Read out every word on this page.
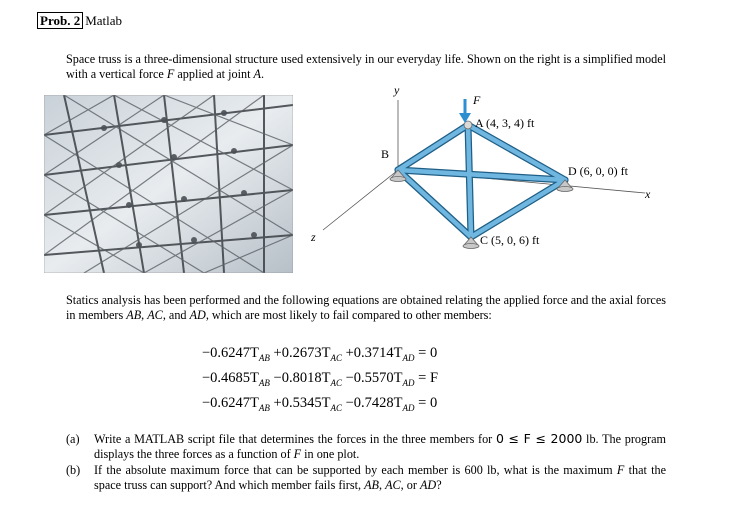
Prob. 2 Matlab
Space truss is a three-dimensional structure used extensively in our everyday life. Shown on the right is a simplified model with a vertical force F applied at joint A.
y
x
z
F
A (4, 3, 4) ft
B
C (5, 0, 6) ft
D (6, 0, 0) ft
Statics analysis has been performed and the following equations are obtained relating the applied force and the axial forces in members AB, AC, and AD, which are most likely to fail compared to other members:
$-0.6247T_{AB} +0.2673T_{AC} +0.3714T_{AD} = 0$
$-0.4685T_{AB} -0.8018T_{AC} -0.5570T_{AD} = F$
$-0.6247T_{AB} +0.5345T_{AC} -0.7428T_{AD} = 0$
(a)	Write a MATLAB script file that determines the forces in the three members for 0 ≤ F ≤ 2000 lb. The program displays the three forces as a function of F in one plot.
(b)	If the absolute maximum force that can be supported by each member is 600 lb, what is the maximum F that the space truss can support? And which member fails first, AB, AC, or AD?
